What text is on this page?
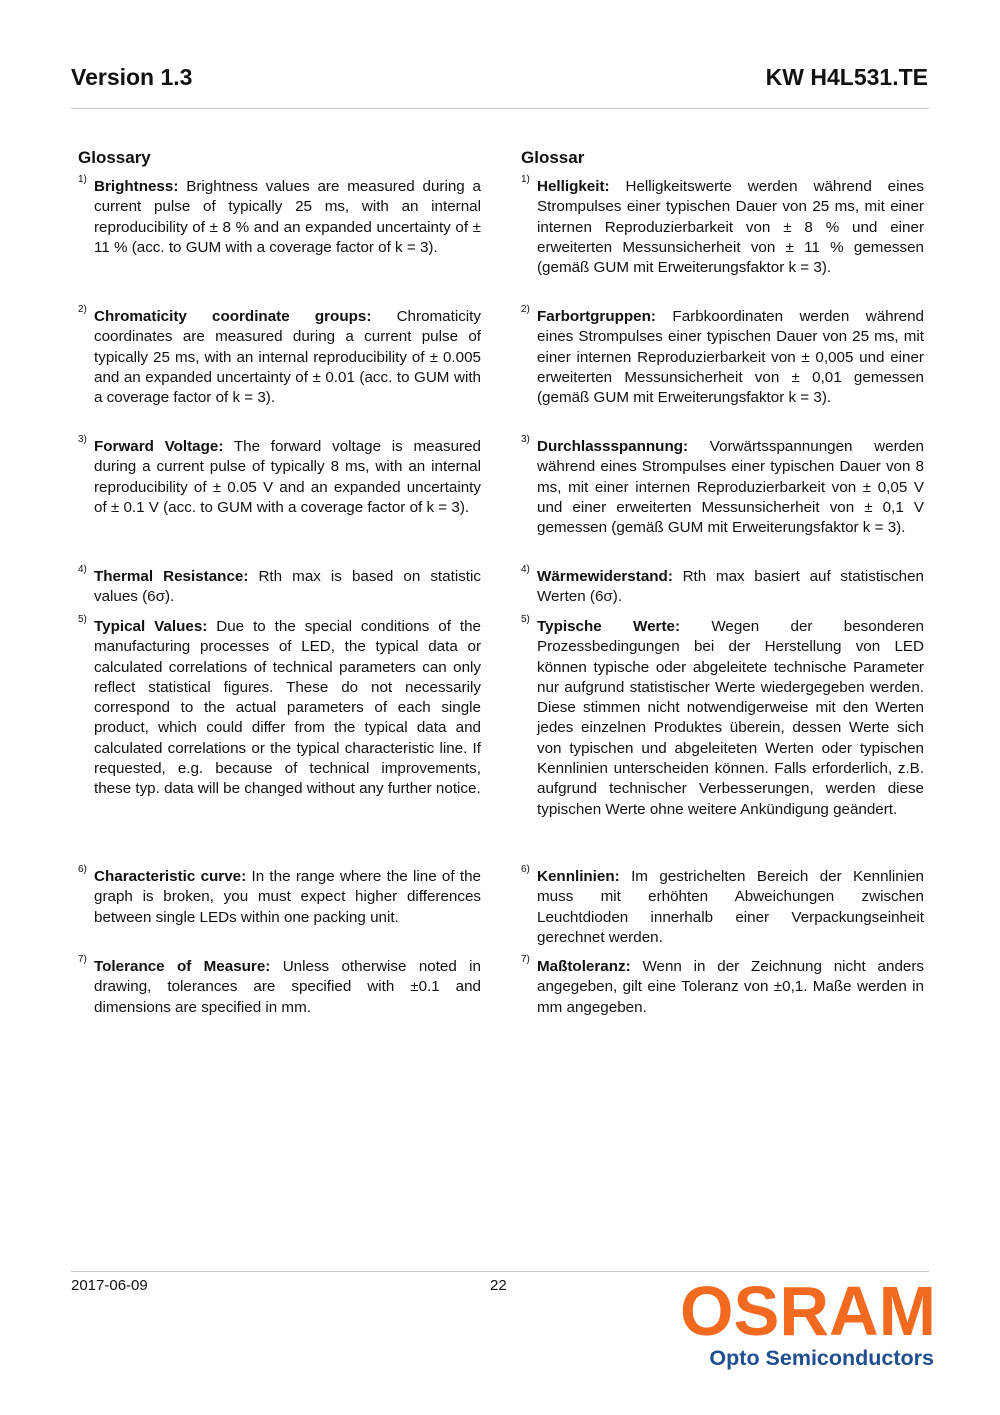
Version 1.3	KW H4L531.TE
Glossary
1) Brightness: Brightness values are measured during a current pulse of typically 25 ms, with an internal reproducibility of ± 8 % and an expanded uncertainty of ± 11 % (acc. to GUM with a coverage factor of k = 3).
2) Chromaticity coordinate groups: Chromaticity coordinates are measured during a current pulse of typically 25 ms, with an internal reproducibility of ± 0.005 and an expanded uncertainty of ± 0.01 (acc. to GUM with a coverage factor of k = 3).
3) Forward Voltage: The forward voltage is measured during a current pulse of typically 8 ms, with an internal reproducibility of ± 0.05 V and an expanded uncertainty of ± 0.1 V (acc. to GUM with a coverage factor of k = 3).
4) Thermal Resistance: Rth max is based on statistic values (6σ).
5) Typical Values: Due to the special conditions of the manufacturing processes of LED, the typical data or calculated correlations of technical parameters can only reflect statistical figures. These do not necessarily correspond to the actual parameters of each single product, which could differ from the typical data and calculated correlations or the typical characteristic line. If requested, e.g. because of technical improvements, these typ. data will be changed without any further notice.
6) Characteristic curve: In the range where the line of the graph is broken, you must expect higher differences between single LEDs within one packing unit.
7) Tolerance of Measure: Unless otherwise noted in drawing, tolerances are specified with ±0.1 and dimensions are specified in mm.
Glossar
1) Helligkeit: Helligkeitswerte werden während eines Strompulses einer typischen Dauer von 25 ms, mit einer internen Reproduzierbarkeit von ± 8 % und einer erweiterten Messunsicherheit von ± 11 % gemessen (gemäß GUM mit Erweiterungsfaktor k = 3).
2) Farbortgruppen: Farbkoordinaten werden während eines Strompulses einer typischen Dauer von 25 ms, mit einer internen Reproduzierbarkeit von ± 0,005 und einer erweiterten Messunsicherheit von ± 0,01 gemessen (gemäß GUM mit Erweiterungsfaktor k = 3).
3) Durchlassspannung: Vorwärtsspannungen werden während eines Strompulses einer typischen Dauer von 8 ms, mit einer internen Reproduzierbarkeit von ± 0,05 V und einer erweiterten Messunsicherheit von ± 0,1 V gemessen (gemäß GUM mit Erweiterungsfaktor k = 3).
4) Wärmewiderstand: Rth max basiert auf statistischen Werten (6σ).
5) Typische Werte: Wegen der besonderen Prozessbedingungen bei der Herstellung von LED können typische oder abgeleitete technische Parameter nur aufgrund statistischer Werte wiedergegeben werden. Diese stimmen nicht notwendigerweise mit den Werten jedes einzelnen Produktes überein, dessen Werte sich von typischen und abgeleiteten Werten oder typischen Kennlinien unterscheiden können. Falls erforderlich, z.B. aufgrund technischer Verbesserungen, werden diese typischen Werte ohne weitere Ankündigung geändert.
6) Kennlinien: Im gestrichelten Bereich der Kennlinien muss mit erhöhten Abweichungen zwischen Leuchtdioden innerhalb einer Verpackungseinheit gerechnet werden.
7) Maßtoleranz: Wenn in der Zeichnung nicht anders angegeben, gilt eine Toleranz von ±0,1. Maße werden in mm angegeben.
2017-06-09	22 OSRAM
Opto Semiconductors
